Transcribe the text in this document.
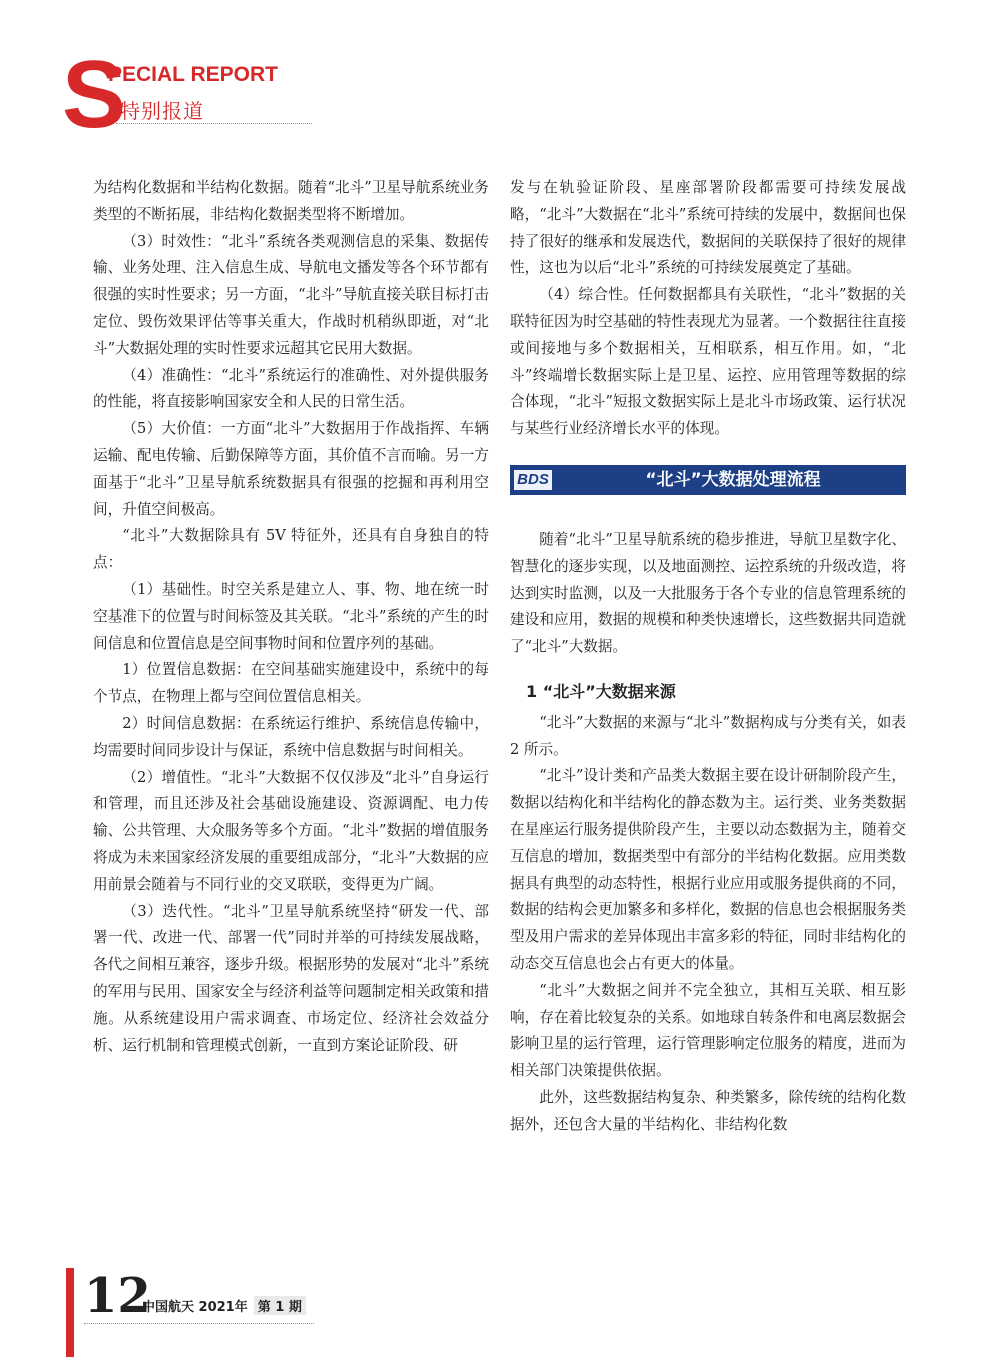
S
PECIAL REPORT
特别报道

为结构化数据和半结构化数据。随着“北斗”卫星导航系统业务类型的不断拓展，非结构化数据类型将不断增加。

（3）时效性：“北斗”系统各类观测信息的采集、数据传输、业务处理、注入信息生成、导航电文播发等各个环节都有很强的实时性要求；另一方面，“北斗”导航直接关联目标打击定位、毁伤效果评估等事关重大，作战时机稍纵即逝，对“北斗”大数据处理的实时性要求远超其它民用大数据。

（4）准确性：“北斗”系统运行的准确性、对外提供服务的性能，将直接影响国家安全和人民的日常生活。

（5）大价值：一方面“北斗”大数据用于作战指挥、车辆运输、配电传输、后勤保障等方面，其价值不言而喻。另一方面基于“北斗”卫星导航系统数据具有很强的挖掘和再利用空间，升值空间极高。

“北斗”大数据除具有 5V 特征外，还具有自身独自的特点：

（1）基础性。时空关系是建立人、事、物、地在统一时空基准下的位置与时间标签及其关联。“北斗”系统的产生的时间信息和位置信息是空间事物时间和位置序列的基础。

1）位置信息数据：在空间基础实施建设中，系统中的每个节点，在物理上都与空间位置信息相关。

2）时间信息数据：在系统运行维护、系统信息传输中，均需要时间同步设计与保证，系统中信息数据与时间相关。

（2）增值性。“北斗”大数据不仅仅涉及“北斗”自身运行和管理，而且还涉及社会基础设施建设、资源调配、电力传输、公共管理、大众服务等多个方面。“北斗”数据的增值服务将成为未来国家经济发展的重要组成部分，“北斗”大数据的应用前景会随着与不同行业的交叉联联，变得更为广阔。

（3）迭代性。“北斗”卫星导航系统坚持“研发一代、部署一代、改进一代、部署一代”同时并举的可持续发展战略，各代之间相互兼容，逐步升级。根据形势的发展对“北斗”系统的军用与民用、国家安全与经济利益等问题制定相关政策和措施。从系统建设用户需求调查、市场定位、经济社会效益分析、运行机制和管理模式创新，一直到方案论证阶段、研

发与在轨验证阶段、星座部署阶段都需要可持续发展战略，“北斗”大数据在“北斗”系统可持续的发展中，数据间也保持了很好的继承和发展迭代，数据间的关联保持了很好的规律性，这也为以后“北斗”系统的可持续发展奠定了基础。

（4）综合性。任何数据都具有关联性，“北斗”数据的关联特征因为时空基础的特性表现尤为显著。一个数据往往直接或间接地与多个数据相关，互相联系，相互作用。如，“北斗”终端增长数据实际上是卫星、运控、应用管理等数据的综合体现，“北斗”短报文数据实际上是北斗市场政策、运行状况与某些行业经济增长水平的体现。

BDS	“北斗”大数据处理流程

随着“北斗”卫星导航系统的稳步推进，导航卫星数字化、智慧化的逐步实现，以及地面测控、运控系统的升级改造，将达到实时监测，以及一大批服务于各个专业的信息管理系统的建设和应用，数据的规模和种类快速增长，这些数据共同造就了“北斗”大数据。

1 “北斗”大数据来源

“北斗”大数据的来源与“北斗”数据构成与分类有关，如表 2 所示。

“北斗”设计类和产品类大数据主要在设计研制阶段产生，数据以结构化和半结构化的静态数为主。运行类、业务类数据在星座运行服务提供阶段产生，主要以动态数据为主，随着交互信息的增加，数据类型中有部分的半结构化数据。应用类数据具有典型的动态特性，根据行业应用或服务提供商的不同，数据的结构会更加繁多和多样化，数据的信息也会根据服务类型及用户需求的差异体现出丰富多彩的特征，同时非结构化的动态交互信息也会占有更大的体量。

“北斗”大数据之间并不完全独立，其相互关联、相互影响，存在着比较复杂的关系。如地球自转条件和电离层数据会影响卫星的运行管理，运行管理影响定位服务的精度，进而为相关部门决策提供依据。

此外，这些数据结构复杂、种类繁多，除传统的结构化数据外，还包含大量的半结构化、非结构化数

12
中国航天 2021年 第 1 期
